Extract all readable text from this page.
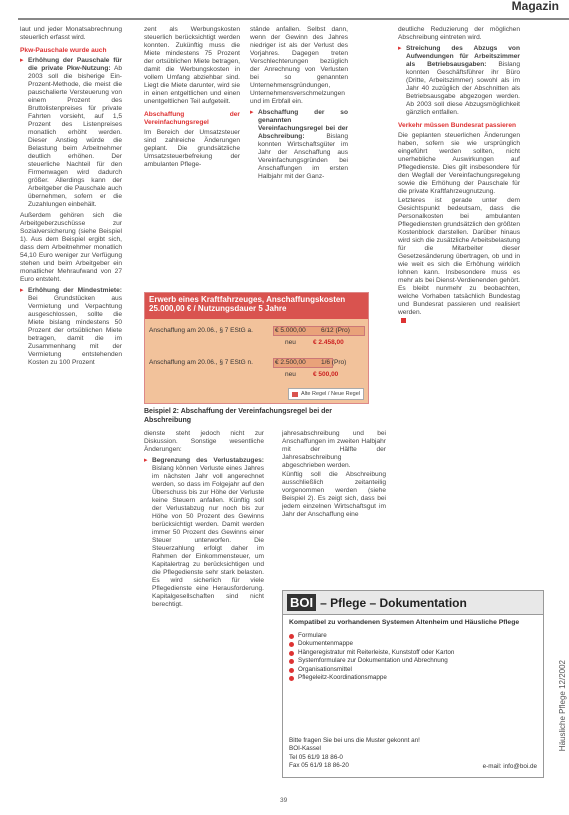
Magazin

laut und jeder Monatsabrechnung steuerlich erfasst wird.

Pkw-Pauschale wurde auch
▸ Erhöhung der Pauschale für die private Pkw-Nutzung: Ab 2003 soll die bisherige Ein-Prozent-Methode, die meist die pauschalierte Versteuerung von einem Prozent des Bruttolistenpreises für private Fahrten vorsieht, auf 1,5 Prozent des Listenpreises monatlich erhöht werden. Dieser Anstieg würde die Belastung beim Arbeitnehmer deutlich erhöhen. Der steuerliche Nachteil für den Firmenwagen wird dadurch größer. Allerdings kann der Arbeitgeber die Pauschale auch übernehmen, sofern er die Zuzahlungen einbehält.

Außerdem gehören sich die Arbeitgeberzuschüsse zur Sozialversicherung (siehe Beispiel 1). Aus dem Beispiel ergibt sich, dass dem Arbeitnehmer monatlich 54,10 Euro weniger zur Verfügung stehen und beim Arbeitgeber ein monatlicher Mehraufwand von 27 Euro entsteht.

▸ Erhöhung der Mindestmiete: Bei Grundstücken aus Vermietung und Verpachtung ausgeschlossen, sollte die Miete bislang mindestens 50 Prozent der ortsüblichen Miete betragen, damit die im Zusammenhang mit der Vermietung entstehenden Kosten zu 100 Prozent

zent als Werbungskosten steuerlich berücksichtigt werden konnten. Zukünftig muss die Miete mindestens 75 Prozent der ortsüblichen Miete betragen, damit die Werbungskosten in vollem Umfang abziehbar sind. Liegt die Miete darunter, wird sie in einen entgeltlichen und einen unentgeltlichen Teil aufgeteilt.

Abschaffung der Vereinfachungsregel

Im Bereich der Umsatzsteuer sind zahlreiche Änderungen geplant. Die grundsätzliche Umsatzsteuerbefreiung der ambulanten Pflege-

stände anfallen. Selbst dann, wenn der Gewinn des Jahres niedriger ist als der Verlust des Vorjahres. Dagegen treten Verschlechterungen bezüglich der Anrechnung von Verlusten bei so genannten Unternehmensgründungen, Unternehmensverschmelzungen und im Erbfall ein.

▸ Abschaffung der so genannten Vereinfachungsregel bei der Abschreibung:	Bislang konnten Wirtschaftsgüter im Jahr der Anschaffung aus Vereinfachungsgründen bei Anschaffungen im ersten Halbjahr mit der Ganz-

deutliche Reduzierung der möglichen Abschreibung eintreten wird.

▸ Streichung des Abzugs von Aufwendungen für Arbeitszimmer als Betriebsausgaben: Bislang konnten Geschäftsführer ihr Büro (Dritte, Arbeitszimmer) sowohl als im Jahr 40 zuzüglich der Abschnitten als Betriebsausgabe abgezogen werden. Ab 2003 soll diese Abzugsmöglichkeit gänzlich entfallen.
Verkehr müssen Bundesrat passieren

Die geplanten steuerlichen Änderungen haben, sofern sie wie ursprünglich eingeführt werden sollten, nicht unerhebliche Auswirkungen auf Pflegedienste. Dies gilt insbesondere für den Wegfall der Vereinfachungsregelung sowie die Erhöhung der Pauschale für die private Kraftfahrzeugnutzung.

Letzteres ist gerade unter dem Gesichtspunkt bedeutsam, dass die Personalkosten bei ambulanten Pflegediensten grundsätzlich den größten Kostenblock darstellen. Darüber hinaus wird sich die zusätzliche Arbeitsbelastung für die Mitarbeiter dieser Gesetzesänderung übertragen, ob und in wie weit es sich die Erhöhung wirklich lohnen kann. Insbesondere muss es mehr als bei Dienst-Verdienenden gehört. Es bleibt nunmehr zu beobachten, welche Vorhaben tatsächlich Bundestag und Bundesrat passieren und realisiert werden.

Erwerb eines Kraftfahrzeuges, Anschaffungskosten 25.000,00 € / Nutzungsdauer 5 Jahre
Anschaffung am 20.06., § 7 EStG a.	€ 5.000,00 6/12 (Pro)
neu	€ 2.458,00
Anschaffung am 20.06., § 7 EStG n.	€ 2.500,00 1/6 (Pro)
neu	€ 500,00
Alte Regel / Neue Regel
Beispiel 2: Abschaffung der Vereinfachungsregel bei der Abschreibung

dienste steht jedoch nicht zur Diskussion. Sonstige wesentliche Änderungen:

▸ Begrenzung des Verlustabzuges: Bislang können Verluste eines Jahres im nächsten Jahr voll angerechnet werden, so dass im Folgejahr auf den Überschuss bis zur Höhe der Verluste keine Steuern anfallen. Künftig soll der Verlustabzug nur noch bis zur Höhe von 50 Prozent des Gewinns berücksichtigt werden. Damit werden immer 50 Prozent des Gewinns einer Steuer unterworfen. Die Steuerzahlung erfolgt daher im Rahmen der Einkommensteuer, um Kapitalertrag zu berücksichtigen und die Pflegedienste sehr stark belasten. Es wird sicherlich für viele Pflegedienste eine Herausforderung. Kapitalgesellschaften sind nicht berechtigt.

jahresabschreibung und bei Anschaffungen im zweiten Halbjahr mit der Hälfte der Jahresabschreibung abgeschrieben werden.

Künftig soll die Abschreibung ausschließlich zeitanteilig vorgenommen werden (siehe Beispiel 2). Es zeigt sich, dass bei jedem einzelnen Wirtschaftsgut im Jahr der Anschaffung eine

BOI – Pflege – Dokumentation
Kompatibel zu vorhandenen Systemen Altenheim und Häusliche Pflege
Formulare
Dokumentenmappe
Hängeregistratur mit Reiterleiste, Kunststoff oder Karton
Systemformulare zur Dokumentation und Abrechnung
Organisationsmittel
Pflegeleitz-Koordinationsmappe
Bitte fragen Sie bei uns die Muster gekonnt an!
BOI-Kassel
Tel 05 61/9 18 86-0
Fax 05 61/9 18 86-20	e-mail: info@boi.de
Häusliche Pflege 12/2002
39
